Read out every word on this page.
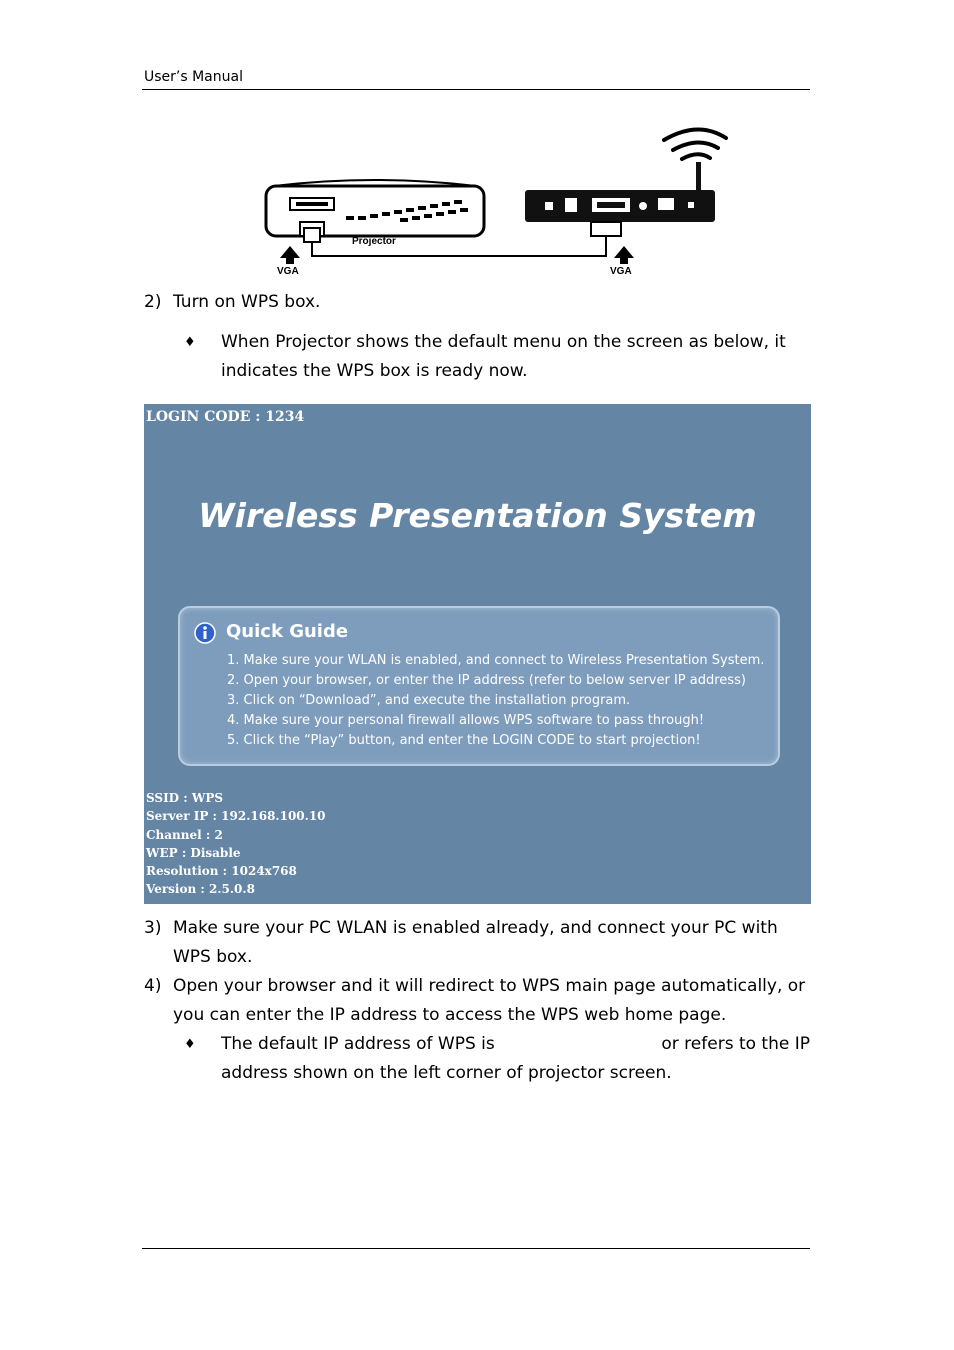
User’s Manual
Projector
VGA	VGA
2) Turn on WPS box.
♦ When Projector shows the default menu on the screen as below, it indicates the WPS box is ready now.
LOGIN CODE : 1234
Wireless Presentation System
Quick Guide
1. Make sure your WLAN is enabled, and connect to Wireless Presentation System.
2. Open your browser, or enter the IP address (refer to below server IP address)
3. Click on “Download”, and execute the installation program.
4. Make sure your personal firewall allows WPS software to pass through!
5. Click the “Play” button, and enter the LOGIN CODE to start projection!
SSID : WPS
Server IP : 192.168.100.10
Channel : 2
WEP : Disable
Resolution : 1024x768
Version : 2.5.0.8
3) Make sure your PC WLAN is enabled already, and connect your PC with WPS box.
4) Open your browser and it will redirect to WPS main page automatically, or you can enter the IP address to access the WPS web home page.
♦ The default IP address of WPS is	or refers to the IP
address shown on the left corner of projector screen.
